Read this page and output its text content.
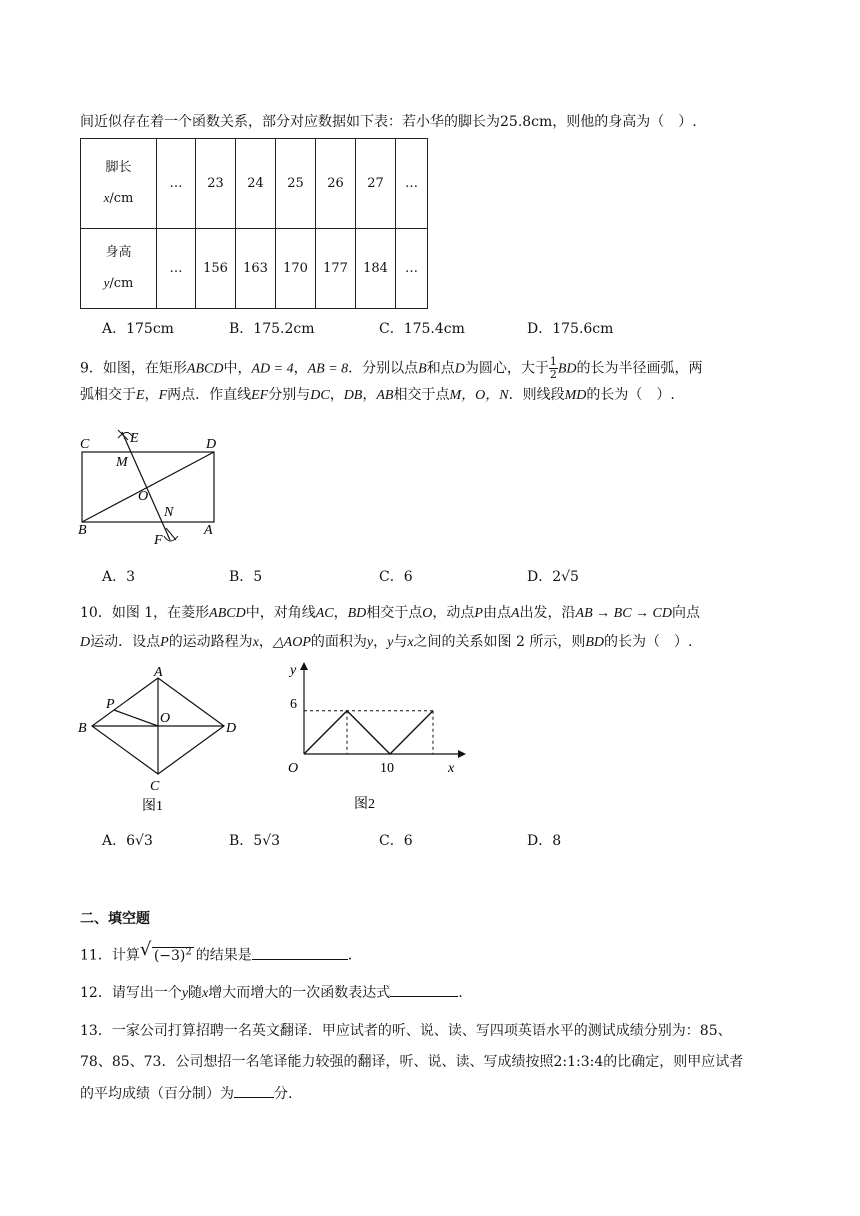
间近似存在着一个函数关系，部分对应数据如下表：若小华的脚长为25.8cm，则他的身高为（　）.
脚长
x/cm	…	23	24	25	26	27	…

身高
y/cm	…	156	163	170	177	184	…
A．175cm	B．175.2cm	C．175.4cm	D．175.6cm
9．如图，在矩形ABCD中，AD = 4，AB = 8．分别以点B和点D为圆心，大于 $\frac{1}{2}$ BD的长为半径画弧，两
弧相交于E，F两点．作直线EF分别与DC，DB，AB相交于点M，O，N．则线段MD的长为（　）.
C	E	D
M
O
B
N
A
F
A．3	B．5	C．6	D．2√5
10．如图 1，在菱形ABCD中，对角线AC，BD相交于点O，动点P由点A出发，沿AB → BC → CD向点
D运动．设点P的运动路程为x，△AOP的面积为y，y与x之间的关系如图 2 所示，则BD的长为（　）.
A
P
B
O
D
C
图1
y
6
O	10	x
图2
A．6√3	B．5√3	C．6	D．8
二、填空题
11．计算 √ $(-3)^2$ 的结果是	．
12．请写出一个y随x增大而增大的一次函数表达式	.
13．一家公司打算招聘一名英文翻译．甲应试者的听、说、读、写四项英语水平的测试成绩分别为：85、
78、85、73．公司想招一名笔译能力较强的翻译，听、说、读、写成绩按照2:1:3:4的比确定，则甲应试者
的平均成绩（百分制）为	分.
